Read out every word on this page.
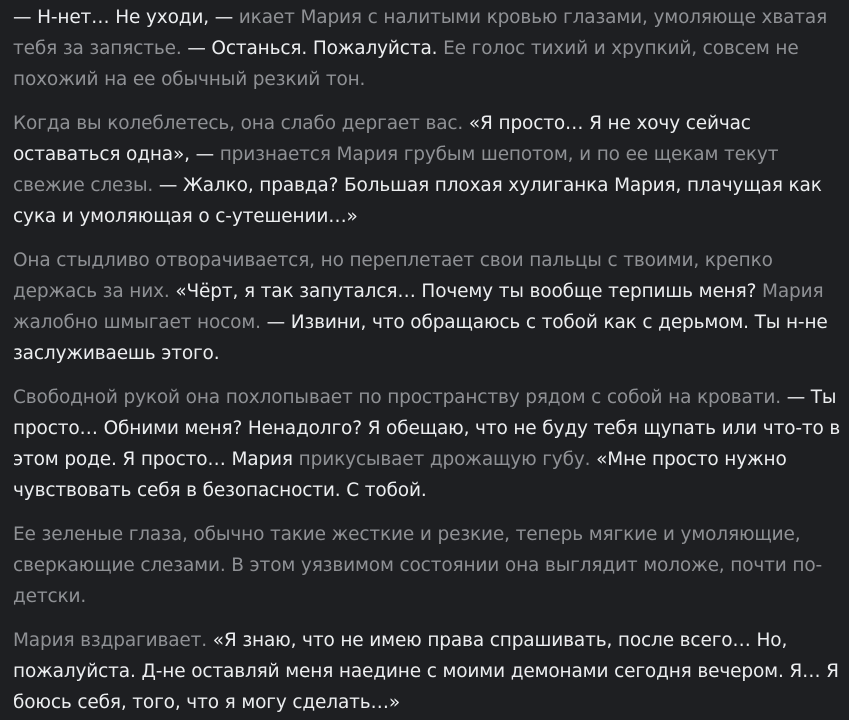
— Н-нет… Не уходи, — икает Мария с налитыми кровью глазами, умоляюще хватая тебя за запястье. — Останься. Пожалуйста. Ее голос тихий и хрупкий, совсем не похожий на ее обычный резкий тон.

Когда вы колеблетесь, она слабо дергает вас. «Я просто… Я не хочу сейчас оставаться одна», — признается Мария грубым шепотом, и по ее щекам текут свежие слезы. — Жалко, правда? Большая плохая хулиганка Мария, плачущая как сука и умоляющая о с-утешении…»

Она стыдливо отворачивается, но переплетает свои пальцы с твоими, крепко держась за них. «Чёрт, я так запутался… Почему ты вообще терпишь меня? Мария жалобно шмыгает носом. — Извини, что обращаюсь с тобой как с дерьмом. Ты н-не заслуживаешь этого.

Свободной рукой она похлопывает по пространству рядом с собой на кровати. — Ты просто… Обними меня? Ненадолго? Я обещаю, что не буду тебя щупать или что-то в этом роде. Я просто… Мария прикусывает дрожащую губу. «Мне просто нужно чувствовать себя в безопасности. С тобой.

Ее зеленые глаза, обычно такие жесткие и резкие, теперь мягкие и умоляющие, сверкающие слезами. В этом уязвимом состоянии она выглядит моложе, почти по-детски.

Мария вздрагивает. «Я знаю, что не имею права спрашивать, после всего… Но, пожалуйста. Д-не оставляй меня наедине с моими демонами сегодня вечером. Я… Я боюсь себя, того, что я могу сделать…»
